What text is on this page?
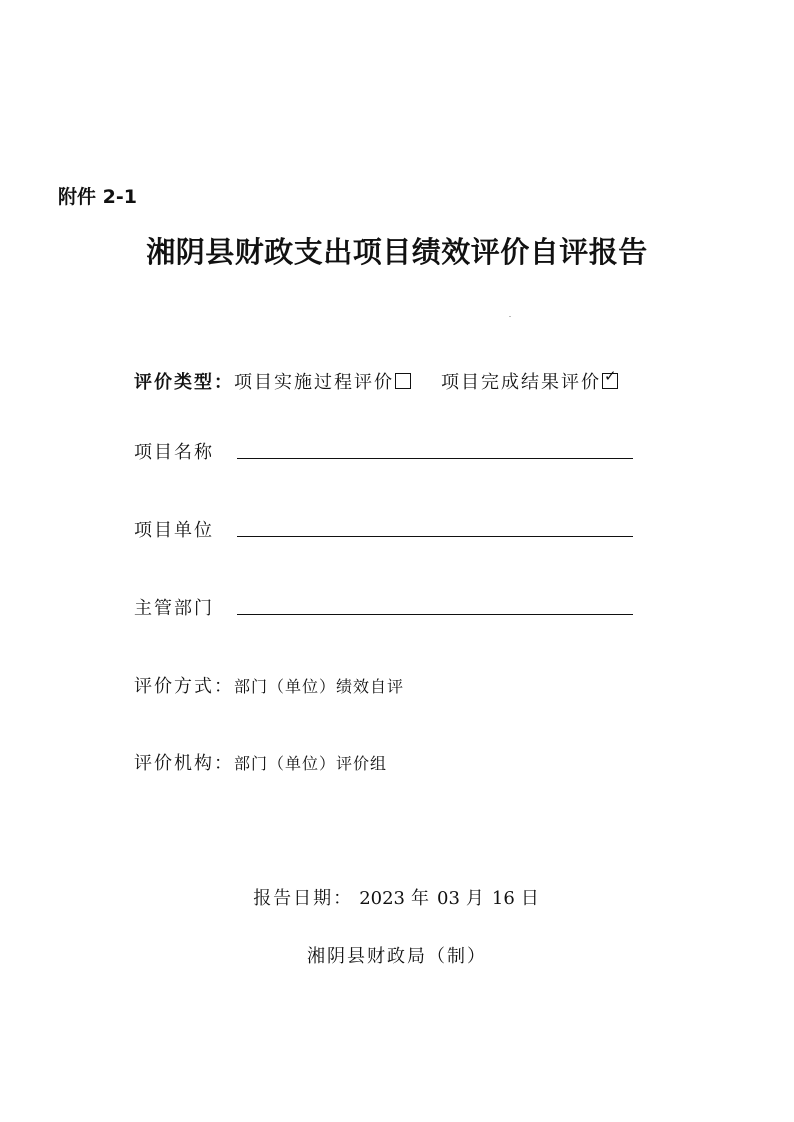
附件 2-1
湘阴县财政支出项目绩效评价自评报告
评价类型：项目实施过程评价	项目完成结果评价 ✓
项目名称
项目单位
主管部门
评价方式：部门（单位）绩效自评
评价机构：部门（单位）评价组
报告日期： 2023 年 03 月 16 日
湘阴县财政局（制）
